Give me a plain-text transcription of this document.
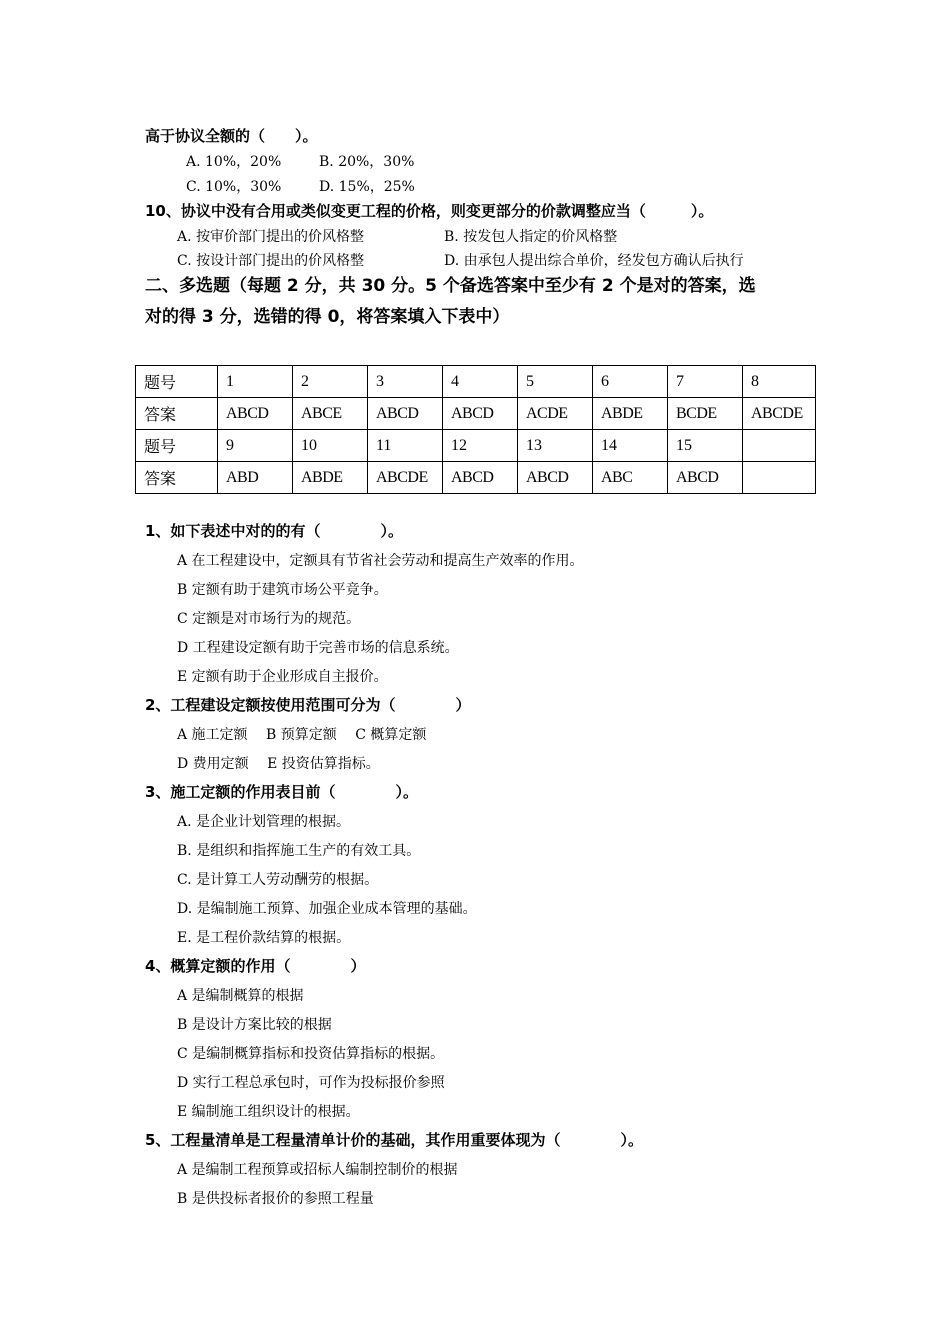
高于协议全额的（　　）。
A. 10%，20%	B. 20%，30%
C. 10%，30%	D. 15%，25%
10、协议中没有合用或类似变更工程的价格，则变更部分的价款调整应当（　　　）。
A. 按审价部门提出的价风格整	B. 按发包人指定的价风格整
C. 按设计部门提出的价风格整	D. 由承包人提出综合单价，经发包方确认后执行
二、多选题（每题 2 分，共 30 分。5 个备选答案中至少有 2 个是对的答案，选
对的得 3 分，选错的得 0，将答案填入下表中）
题号	1	2	3	4	5	6	7	8
答案	ABCD	ABCE	ABCD	ABCD	ACDE	ABDE	BCDE	ABCDE
题号	9	10	11	12	13	14	15	
答案	ABD	ABDE	ABCDE	ABCD	ABCD	ABC	ABCD	
1、如下表述中对的的有（　　　　）。
A 在工程建设中，定额具有节省社会劳动和提高生产效率的作用。
B 定额有助于建筑市场公平竞争。
C 定额是对市场行为的规范。
D 工程建设定额有助于完善市场的信息系统。
E 定额有助于企业形成自主报价。
2、工程建设定额按使用范围可分为（　　　　）
A 施工定额　 B 预算定额　 C 概算定额
D 费用定额　 E 投资估算指标。
3、施工定额的作用表目前（　　　　）。
A. 是企业计划管理的根据。
B. 是组织和指挥施工生产的有效工具。
C. 是计算工人劳动酬劳的根据。
D. 是编制施工预算、加强企业成本管理的基础。
E. 是工程价款结算的根据。
4、概算定额的作用（　　　　）
A 是编制概算的根据
B 是设计方案比较的根据
C 是编制概算指标和投资估算指标的根据。
D 实行工程总承包时，可作为投标报价参照
E 编制施工组织设计的根据。
5、工程量清单是工程量清单计价的基础，其作用重要体现为（　　　　）。
A 是编制工程预算或招标人编制控制价的根据
B 是供投标者报价的参照工程量
